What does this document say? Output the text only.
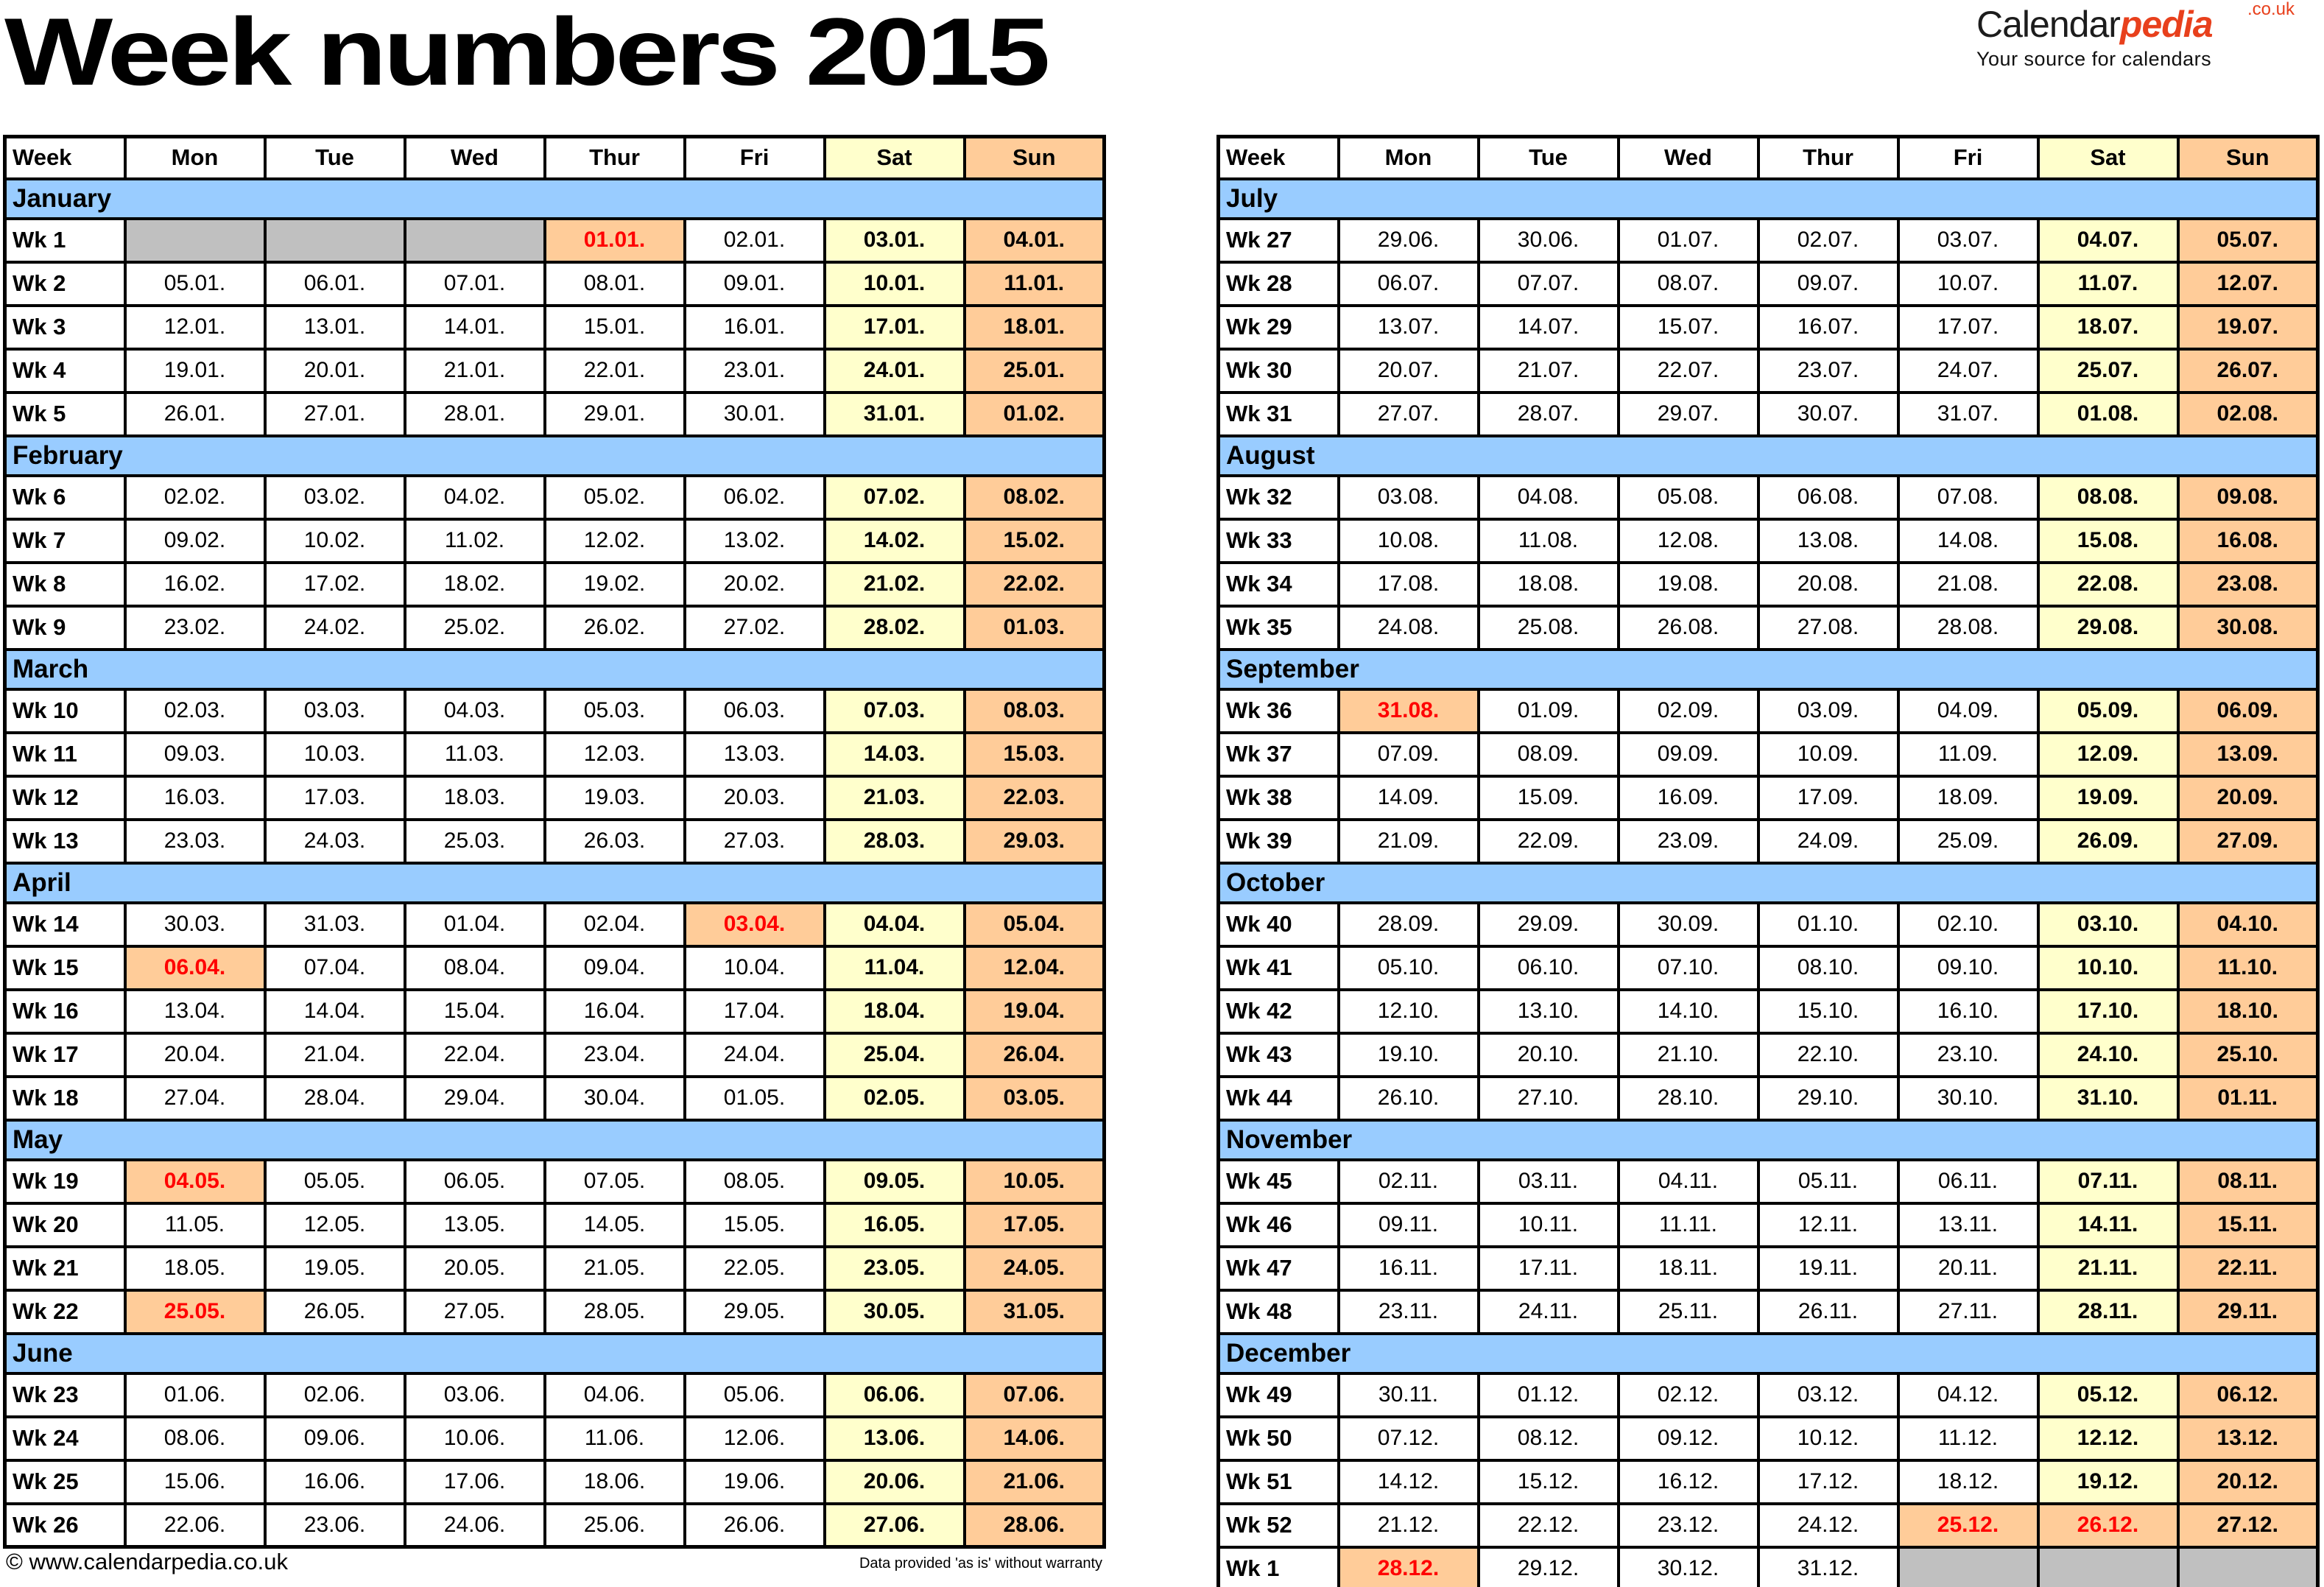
Week numbers 2015	Calendarpedia .co.uk
Your source for calendars
Week	Mon	Tue	Wed	Thur	Fri	Sat	Sun
January							
Wk 1				01.01.	02.01.	03.01.	04.01.
Wk 2	05.01.	06.01.	07.01.	08.01.	09.01.	10.01.	11.01.
Wk 3	12.01.	13.01.	14.01.	15.01.	16.01.	17.01.	18.01.
Wk 4	19.01.	20.01.	21.01.	22.01.	23.01.	24.01.	25.01.
Wk 5	26.01.	27.01.	28.01.	29.01.	30.01.	31.01.	01.02.
February							
Wk 6	02.02.	03.02.	04.02.	05.02.	06.02.	07.02.	08.02.
Wk 7	09.02.	10.02.	11.02.	12.02.	13.02.	14.02.	15.02.
Wk 8	16.02.	17.02.	18.02.	19.02.	20.02.	21.02.	22.02.
Wk 9	23.02.	24.02.	25.02.	26.02.	27.02.	28.02.	01.03.
March							
Wk 10	02.03.	03.03.	04.03.	05.03.	06.03.	07.03.	08.03.
Wk 11	09.03.	10.03.	11.03.	12.03.	13.03.	14.03.	15.03.
Wk 12	16.03.	17.03.	18.03.	19.03.	20.03.	21.03.	22.03.
Wk 13	23.03.	24.03.	25.03.	26.03.	27.03.	28.03.	29.03.
April							
Wk 14	30.03.	31.03.	01.04.	02.04.	03.04.	04.04.	05.04.
Wk 15	06.04.	07.04.	08.04.	09.04.	10.04.	11.04.	12.04.
Wk 16	13.04.	14.04.	15.04.	16.04.	17.04.	18.04.	19.04.
Wk 17	20.04.	21.04.	22.04.	23.04.	24.04.	25.04.	26.04.
Wk 18	27.04.	28.04.	29.04.	30.04.	01.05.	02.05.	03.05.
May							
Wk 19	04.05.	05.05.	06.05.	07.05.	08.05.	09.05.	10.05.
Wk 20	11.05.	12.05.	13.05.	14.05.	15.05.	16.05.	17.05.
Wk 21	18.05.	19.05.	20.05.	21.05.	22.05.	23.05.	24.05.
Wk 22	25.05.	26.05.	27.05.	28.05.	29.05.	30.05.	31.05.
June							
Wk 23	01.06.	02.06.	03.06.	04.06.	05.06.	06.06.	07.06.
Wk 24	08.06.	09.06.	10.06.	11.06.	12.06.	13.06.	14.06.
Wk 25	15.06.	16.06.	17.06.	18.06.	19.06.	20.06.	21.06.
Wk 26	22.06.	23.06.	24.06.	25.06.	26.06.	27.06.	28.06.
Week	Mon	Tue	Wed	Thur	Fri	Sat	Sun
July							
Wk 27	29.06.	30.06.	01.07.	02.07.	03.07.	04.07.	05.07.
Wk 28	06.07.	07.07.	08.07.	09.07.	10.07.	11.07.	12.07.
Wk 29	13.07.	14.07.	15.07.	16.07.	17.07.	18.07.	19.07.
Wk 30	20.07.	21.07.	22.07.	23.07.	24.07.	25.07.	26.07.
Wk 31	27.07.	28.07.	29.07.	30.07.	31.07.	01.08.	02.08.
August							
Wk 32	03.08.	04.08.	05.08.	06.08.	07.08.	08.08.	09.08.
Wk 33	10.08.	11.08.	12.08.	13.08.	14.08.	15.08.	16.08.
Wk 34	17.08.	18.08.	19.08.	20.08.	21.08.	22.08.	23.08.
Wk 35	24.08.	25.08.	26.08.	27.08.	28.08.	29.08.	30.08.
September							
Wk 36	31.08.	01.09.	02.09.	03.09.	04.09.	05.09.	06.09.
Wk 37	07.09.	08.09.	09.09.	10.09.	11.09.	12.09.	13.09.
Wk 38	14.09.	15.09.	16.09.	17.09.	18.09.	19.09.	20.09.
Wk 39	21.09.	22.09.	23.09.	24.09.	25.09.	26.09.	27.09.
October							
Wk 40	28.09.	29.09.	30.09.	01.10.	02.10.	03.10.	04.10.
Wk 41	05.10.	06.10.	07.10.	08.10.	09.10.	10.10.	11.10.
Wk 42	12.10.	13.10.	14.10.	15.10.	16.10.	17.10.	18.10.
Wk 43	19.10.	20.10.	21.10.	22.10.	23.10.	24.10.	25.10.
Wk 44	26.10.	27.10.	28.10.	29.10.	30.10.	31.10.	01.11.
November							
Wk 45	02.11.	03.11.	04.11.	05.11.	06.11.	07.11.	08.11.
Wk 46	09.11.	10.11.	11.11.	12.11.	13.11.	14.11.	15.11.
Wk 47	16.11.	17.11.	18.11.	19.11.	20.11.	21.11.	22.11.
Wk 48	23.11.	24.11.	25.11.	26.11.	27.11.	28.11.	29.11.
December							
Wk 49	30.11.	01.12.	02.12.	03.12.	04.12.	05.12.	06.12.
Wk 50	07.12.	08.12.	09.12.	10.12.	11.12.	12.12.	13.12.
Wk 51	14.12.	15.12.	16.12.	17.12.	18.12.	19.12.	20.12.
Wk 52	21.12.	22.12.	23.12.	24.12.	25.12.	26.12.	27.12.
Wk 1	28.12.	29.12.	30.12.	31.12.			
© www.calendarpedia.co.uk	Data provided 'as is' without warranty
